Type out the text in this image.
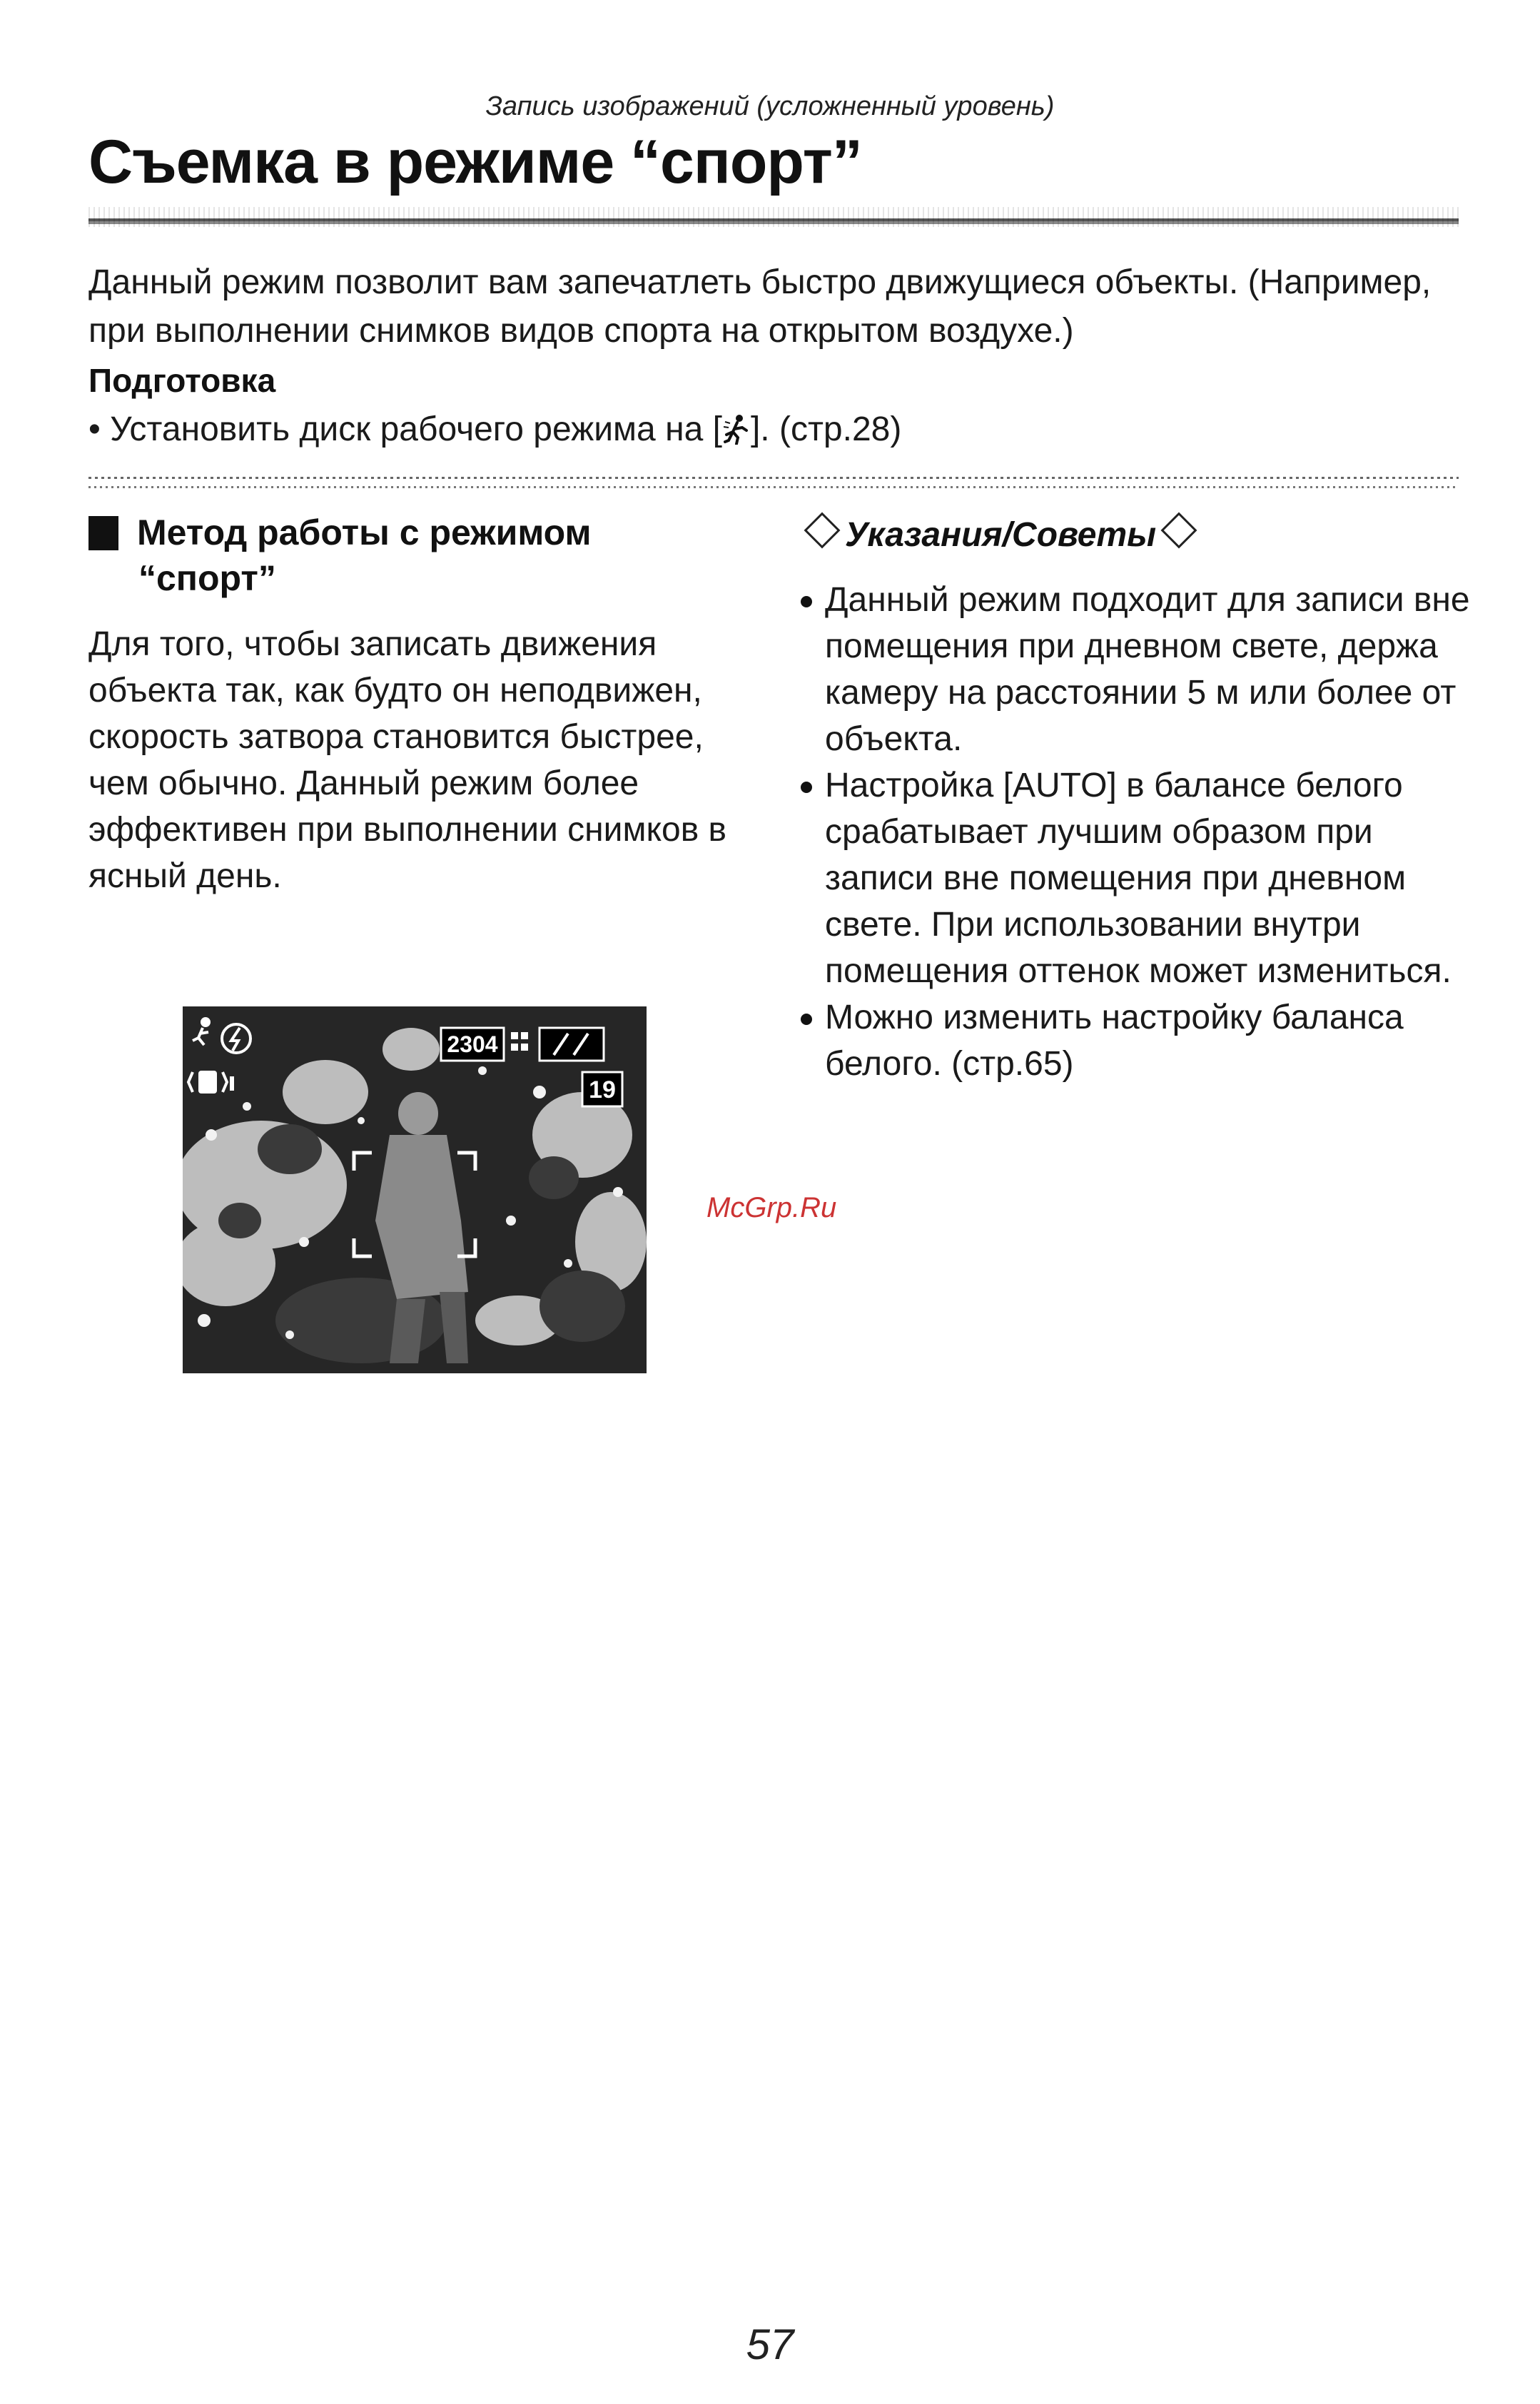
Запись изображений (усложненный уровень)
Съемка в режиме “спорт”
Данный режим позволит вам запечатлеть быстро движущиеся объекты. (Например, при выполнении снимков видов спорта на открытом воздухе.)
Подготовка
• Установить диск рабочего режима на [ ]. (стр.28)
Метод работы с режимом
“спорт”
Для того, чтобы записать движения объекта так, как будто он неподвижен, скорость затвора становится быстрее, чем обычно. Данный режим более эффективен при выполнении снимков в ясный день.
Указания/Советы
Данный режим подходит для записи вне помещения при дневном свете, держа камеру на расстоянии 5 м или более от объекта.
Настройка [AUTO] в балансе белого срабатывает лучшим образом при записи вне помещения при дневном свете. При использовании внутри помещения оттенок может измениться.
Можно изменить настройку баланса белого. (стр.65)
2304
19
McGrp.Ru
57
